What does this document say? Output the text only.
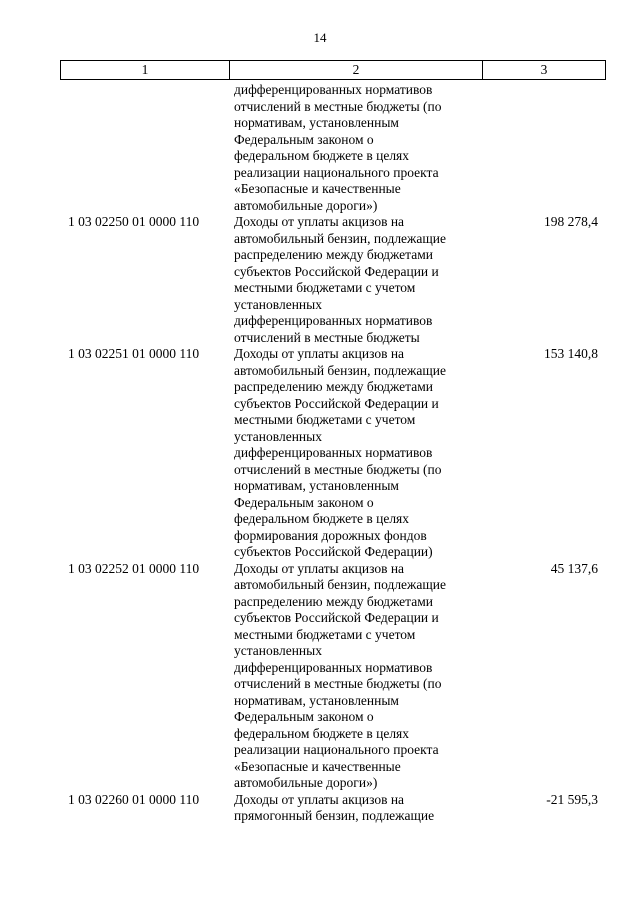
14
1	2	3
дифференцированных нормативов
отчислений в местные бюджеты (по
нормативам, установленным
Федеральным законом о
федеральном бюджете в целях
реализации национального проекта
«Безопасные и качественные
автомобильные дороги»)
1 03 02250 01 0000 110	Доходы от уплаты акцизов на
автомобильный бензин, подлежащие
распределению между бюджетами
субъектов Российской Федерации и
местными бюджетами с учетом
установленных
дифференцированных нормативов
отчислений в местные бюджеты
198 278,4
1 03 02251 01 0000 110	Доходы от уплаты акцизов на
автомобильный бензин, подлежащие
распределению между бюджетами
субъектов Российской Федерации и
местными бюджетами с учетом
установленных
дифференцированных нормативов
отчислений в местные бюджеты (по
нормативам, установленным
Федеральным законом о
федеральном бюджете в целях
формирования дорожных фондов
субъектов Российской Федерации)
153 140,8
1 03 02252 01 0000 110	Доходы от уплаты акцизов на
автомобильный бензин, подлежащие
распределению между бюджетами
субъектов Российской Федерации и
местными бюджетами с учетом
установленных
дифференцированных нормативов
отчислений в местные бюджеты (по
нормативам, установленным
Федеральным законом о
федеральном бюджете в целях
реализации национального проекта
«Безопасные и качественные
автомобильные дороги»)
45 137,6
1 03 02260 01 0000 110	Доходы от уплаты акцизов на
прямогонный бензин, подлежащие
-21 595,3
